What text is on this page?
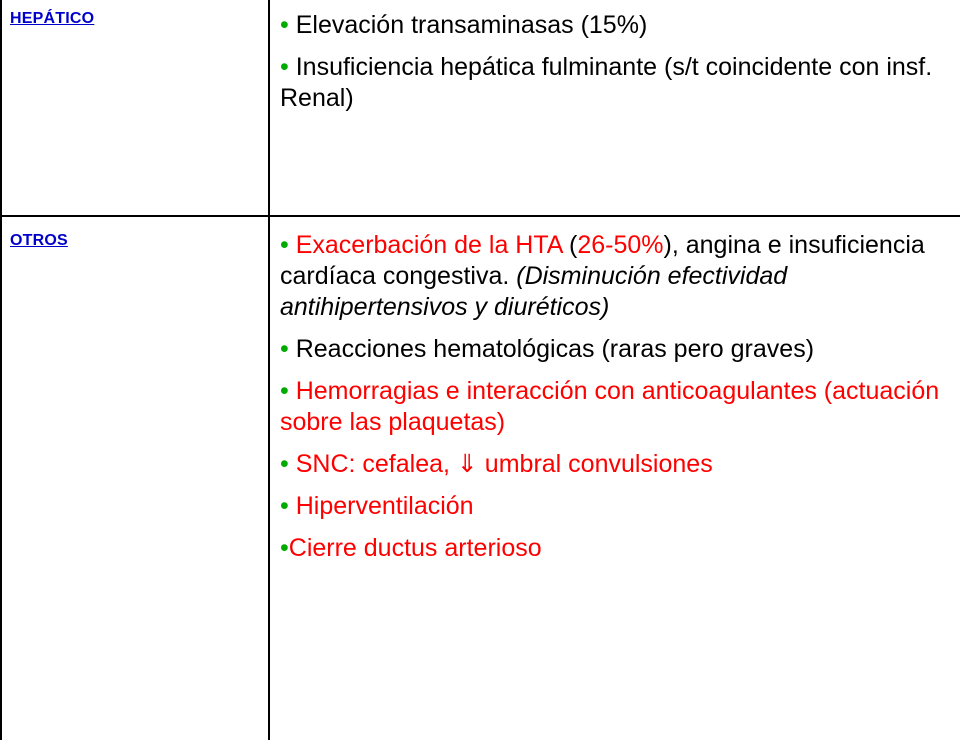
HEPÁTICO	• Elevación transaminasas (15%)
• Insuficiencia hepática fulminante (s/t coincidente con insf. Renal)
OTROS	• Exacerbación de la HTA (26-50%), angina e insuficiencia cardíaca congestiva. (Disminución efectividad antihipertensivos y diuréticos)
• Reacciones hematológicas (raras pero graves)
• Hemorragias e interacción con anticoagulantes (actuación sobre las plaquetas)
• SNC: cefalea, ⇓ umbral convulsiones
• Hiperventilación
•Cierre ductus arterioso
